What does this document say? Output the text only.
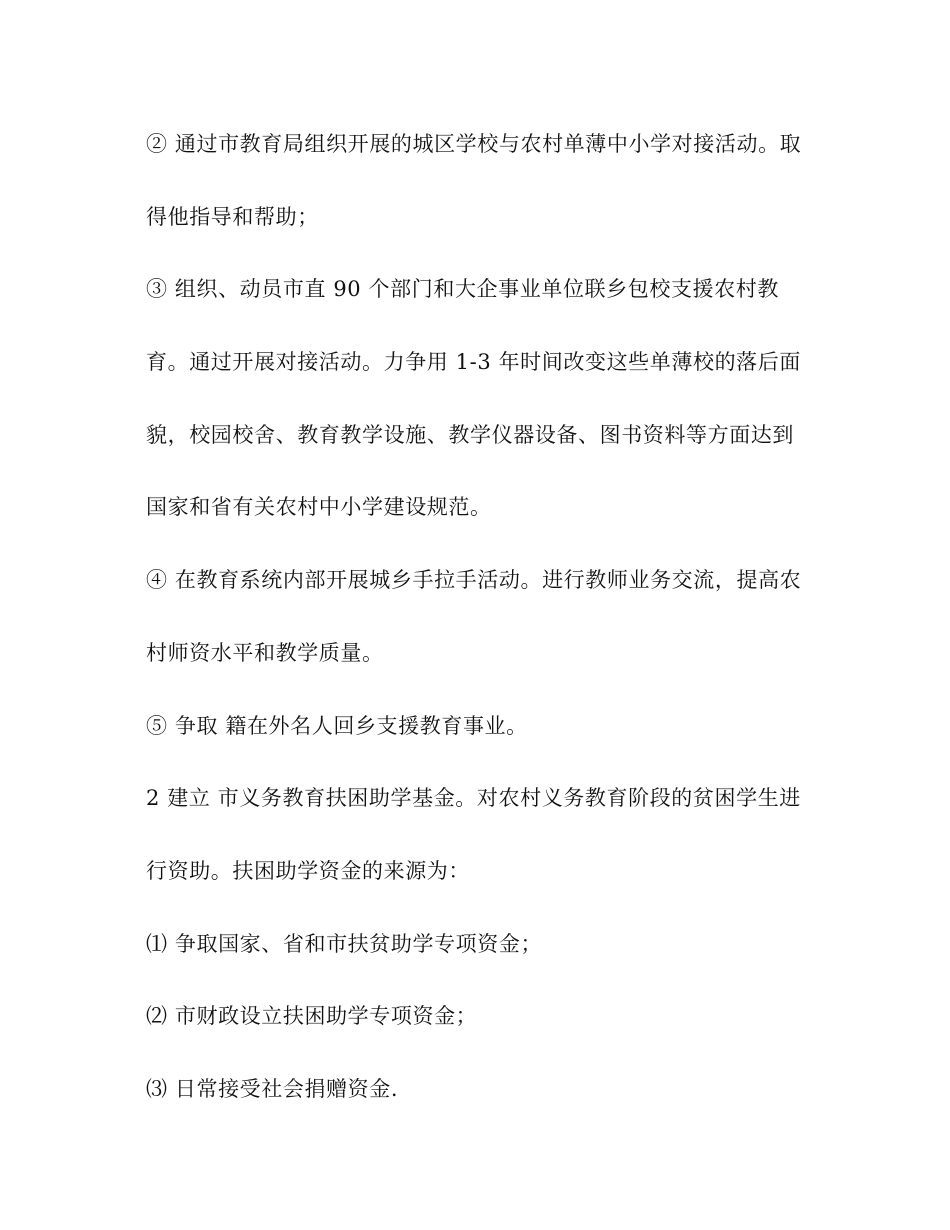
② 通过市教育局组织开展的城区学校与农村单薄中小学对接活动。取
得他指导和帮助；
③ 组织、动员市直 90 个部门和大企事业单位联乡包校支援农村教
育。通过开展对接活动。力争用 1-3 年时间改变这些单薄校的落后面
貌，校园校舍、教育教学设施、教学仪器设备、图书资料等方面达到
国家和省有关农村中小学建设规范。
④ 在教育系统内部开展城乡手拉手活动。进行教师业务交流，提高农
村师资水平和教学质量。
⑤ 争取 籍在外名人回乡支援教育事业。
2 建立 市义务教育扶困助学基金。对农村义务教育阶段的贫困学生进
行资助。扶困助学资金的来源为：
⑴ 争取国家、省和市扶贫助学专项资金；
⑵ 市财政设立扶困助学专项资金；
⑶ 日常接受社会捐赠资金.
